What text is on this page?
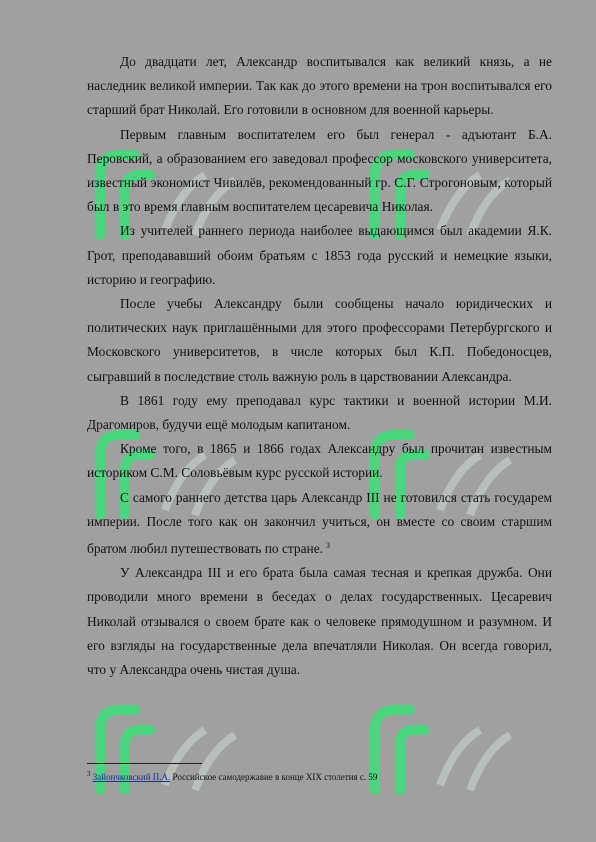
До двадцати лет, Александр воспитывался как великий князь, а не наследник великой империи. Так как до этого времени на трон воспитывался его старший брат Николай. Его готовили в основном для военной карьеры.

Первым главным воспитателем его был генерал - адъютант Б.А. Перовский, а образованием его заведовал профессор московского университета, известный экономист Чивилёв, рекомендованный гр. С.Г. Строгоновым, который был в это время главным воспитателем цесаревича Николая.

Из учителей раннего периода наиболее выдающимся был академии Я.К. Грот, преподававший обоим братьям с 1853 года русский и немецкие языки, историю и географию.

После учебы Александру были сообщены начало юридических и политических наук приглашёнными для этого профессорами Петербургского и Московского университетов, в числе которых был К.П. Победоносцев, сыгравший в последствие столь важную роль в царствовании Александра.

В 1861 году ему преподавал курс тактики и военной истории М.И. Драгомиров, будучи ещё молодым капитаном.

Кроме того, в 1865 и 1866 годах Александру был прочитан известным историком С.М. Соловьёвым курс русской истории.

С самого раннего детства царь Александр III не готовился стать государем империи. После того как он закончил учиться, он вместе со своим старшим братом любил путешествовать по стране. $^3$

У Александра III и его брата была самая тесная и крепкая дружба. Они проводили много времени в беседах о делах государственных. Цесаревич Николай отзывался о своем брате как о человеке прямодушном и разумном. И его взгляды на государственные дела впечатляли Николая. Он всегда говорил, что у Александра очень чистая душа.

$^3$ Зайончковский П.А. Российское самодержавие в конце XIX столетия с. 59
